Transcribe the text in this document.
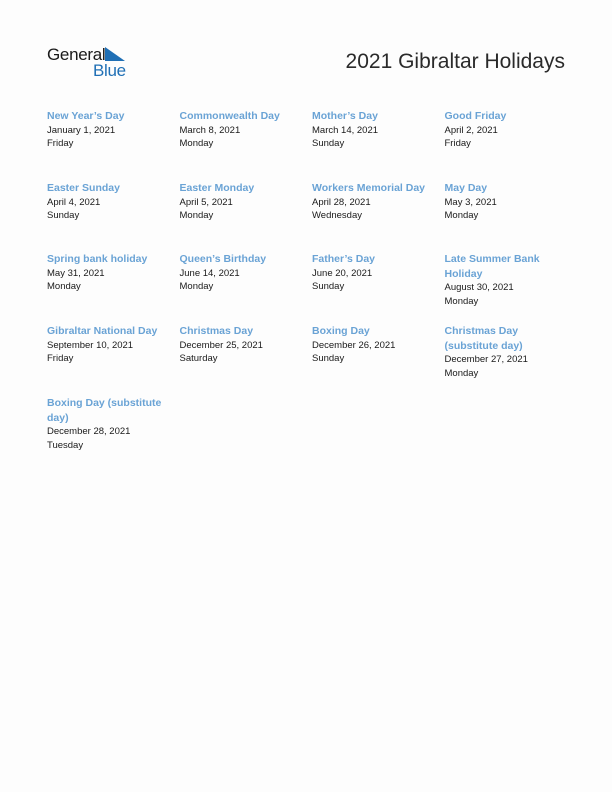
General
Blue	2021 Gibraltar Holidays
New Year’s Day
January 1, 2021
Friday
Commonwealth Day
March 8, 2021
Monday
Mother’s Day
March 14, 2021
Sunday
Good Friday
April 2, 2021
Friday
Easter Sunday
April 4, 2021
Sunday
Easter Monday
April 5, 2021
Monday
Workers Memorial Day
April 28, 2021
Wednesday
May Day
May 3, 2021
Monday
Spring bank holiday
May 31, 2021
Monday
Queen’s Birthday
June 14, 2021
Monday
Father’s Day
June 20, 2021
Sunday
Late Summer Bank Holiday
August 30, 2021
Monday
Gibraltar National Day
September 10, 2021
Friday
Christmas Day
December 25, 2021
Saturday
Boxing Day
December 26, 2021
Sunday
Christmas Day (substitute day)
December 27, 2021
Monday
Boxing Day (substitute day)
December 28, 2021
Tuesday
